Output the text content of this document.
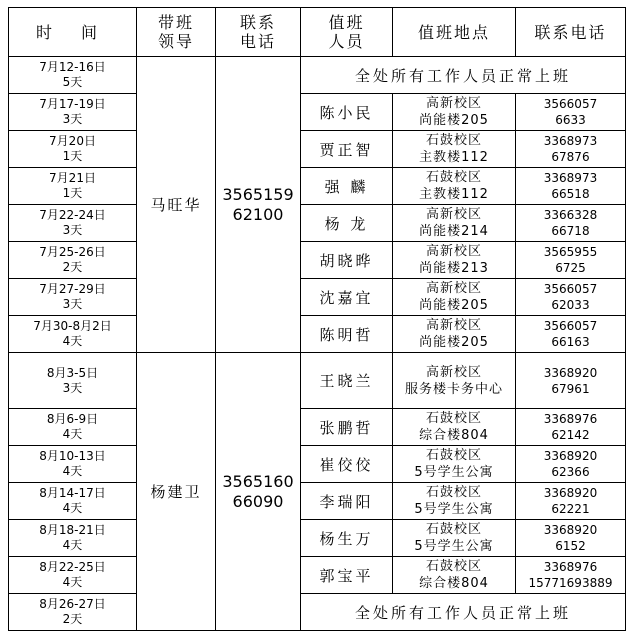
时 间	带班
领导	联系
电话	值班
人员	值班地点	联系电话

7月12-16日
5天	马旺华	3565159
62100	全处所有工作人员正常上班		

7月17-19日
3天			陈小民	高新校区
尚能楼205	3566057
6633

7月20日
1天			贾正智	石鼓校区
主教楼112	3368973
67876

7月21日
1天			强 麟	石鼓校区
主教楼112	3368973
66518

7月22-24日
3天			杨 龙	高新校区
尚能楼214	3366328
66718

7月25-26日
2天			胡晓晔	高新校区
尚能楼213	3565955
6725

7月27-29日
3天			沈嘉宜	高新校区
尚能楼205	3566057
62033

7月30-8月2日
4天			陈明哲	高新校区
尚能楼205	3566057
66163

8月3-5日
3天	杨建卫	3565160
66090	王晓兰	高新校区
服务楼卡务中心	3368920
67961

8月6-9日
4天			张鹏哲	石鼓校区
综合楼804	3368976
62142

8月10-13日
4天			崔佼佼	石鼓校区
5号学生公寓	3368920
62366

8月14-17日
4天			李瑞阳	石鼓校区
5号学生公寓	3368920
62221

8月18-21日
4天			杨生万	石鼓校区
5号学生公寓	3368920
6152

8月22-25日
4天			郭宝平	石鼓校区
综合楼804	3368976
15771693889

8月26-27日
2天			全处所有工作人员正常上班		
